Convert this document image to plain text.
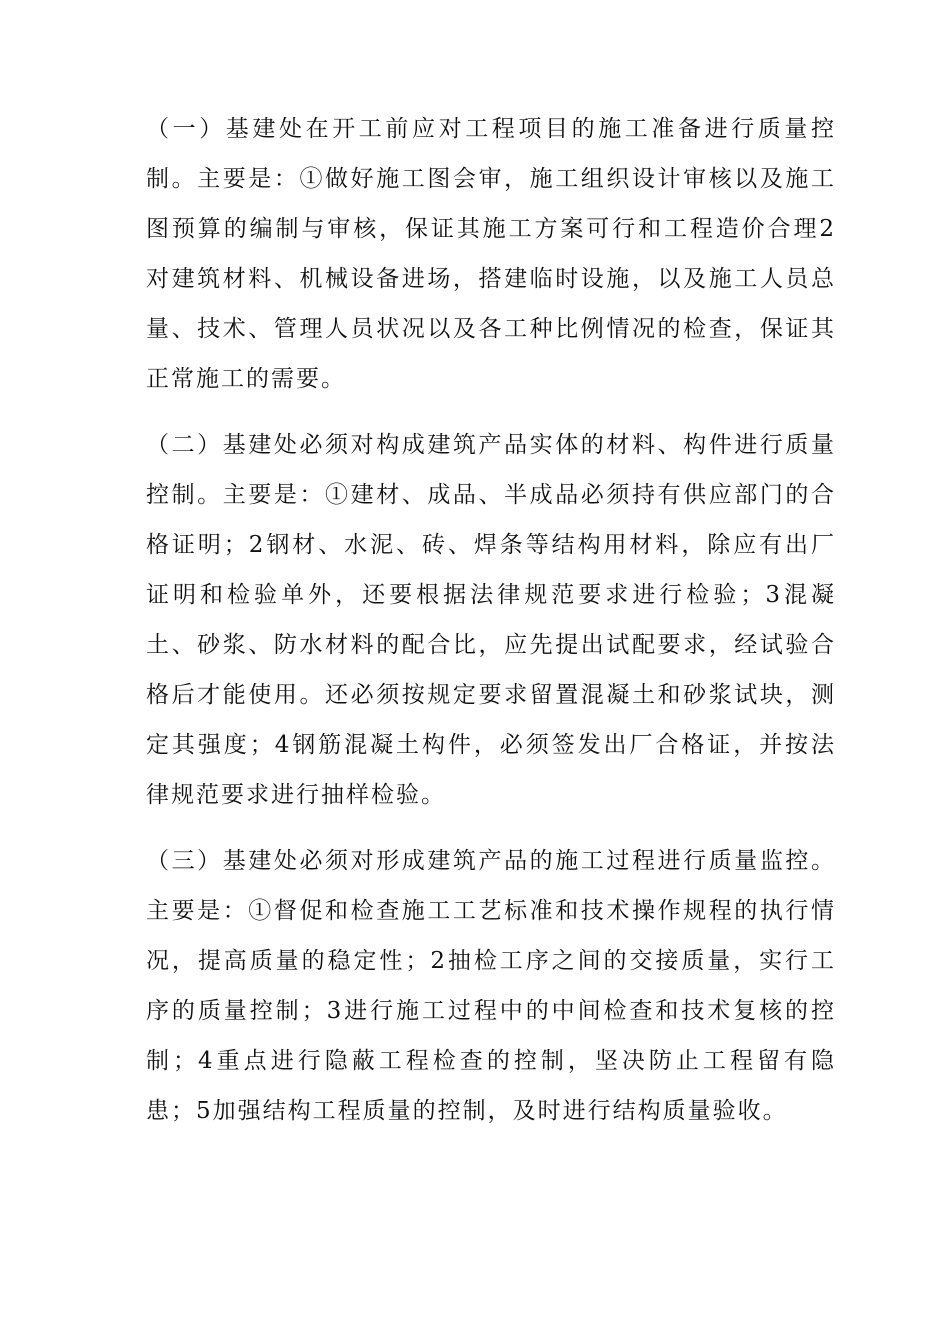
（一）基建处在开工前应对工程项目的施工准备进行质量控制。主要是：①做好施工图会审，施工组织设计审核以及施工图预算的编制与审核，保证其施工方案可行和工程造价合理2对建筑材料、机械设备进场，搭建临时设施，以及施工人员总量、技术、管理人员状况以及各工种比例情况的检查，保证其正常施工的需要。

（二）基建处必须对构成建筑产品实体的材料、构件进行质量控制。主要是：①建材、成品、半成品必须持有供应部门的合格证明；2钢材、水泥、砖、焊条等结构用材料，除应有出厂证明和检验单外，还要根据法律规范要求进行检验；3混凝土、砂浆、防水材料的配合比，应先提出试配要求，经试验合格后才能使用。还必须按规定要求留置混凝土和砂浆试块，测定其强度；4钢筋混凝土构件，必须签发出厂合格证，并按法律规范要求进行抽样检验。

（三）基建处必须对形成建筑产品的施工过程进行质量监控。主要是：①督促和检查施工工艺标准和技术操作规程的执行情况，提高质量的稳定性；2抽检工序之间的交接质量，实行工序的质量控制；3进行施工过程中的中间检查和技术复核的控制；4重点进行隐蔽工程检查的控制，坚决防止工程留有隐患；5加强结构工程质量的控制，及时进行结构质量验收。
